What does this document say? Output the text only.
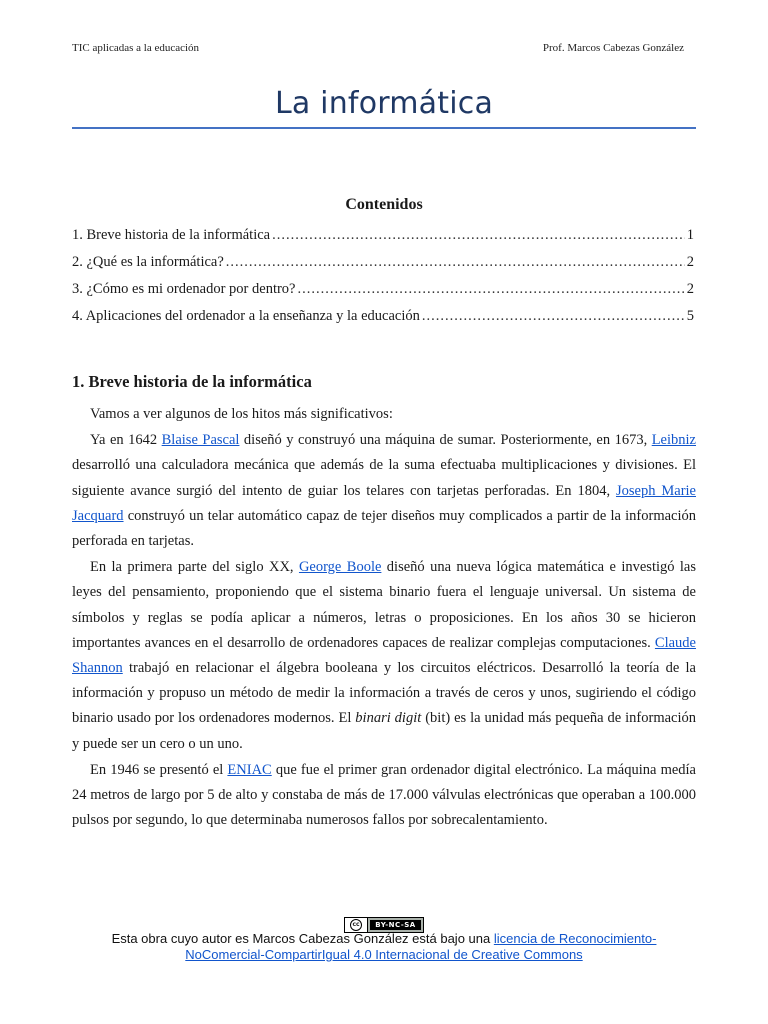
TIC aplicadas a la educación	Prof. Marcos Cabezas González
La informática
Contenidos
1. Breve historia de la informática .....	1
2. ¿Qué es la informática? .....	2
3. ¿Cómo es mi ordenador por dentro? .....	2
4. Aplicaciones del ordenador a la enseñanza y la educación .....	5
1. Breve historia de la informática

Vamos a ver algunos de los hitos más significativos:

Ya en 1642 Blaise Pascal diseñó y construyó una máquina de sumar. Posteriormente, en 1673, Leibniz desarrolló una calculadora mecánica que además de la suma efectuaba multiplicaciones y divisiones. El siguiente avance surgió del intento de guiar los telares con tarjetas perforadas. En 1804, Joseph Marie Jacquard construyó un telar automático capaz de tejer diseños muy complicados a partir de la información perforada en tarjetas.

En la primera parte del siglo XX, George Boole diseñó una nueva lógica matemática e investigó las leyes del pensamiento, proponiendo que el sistema binario fuera el lenguaje universal. Un sistema de símbolos y reglas se podía aplicar a números, letras o proposiciones. En los años 30 se hicieron importantes avances en el desarrollo de ordenadores capaces de realizar complejas computaciones. Claude Shannon trabajó en relacionar el álgebra booleana y los circuitos eléctricos. Desarrolló la teoría de la información y propuso un método de medir la información a través de ceros y unos, sugiriendo el código binario usado por los ordenadores modernos. El binari digit (bit) es la unidad más pequeña de información y puede ser un cero o un uno.

En 1946 se presentó el ENIAC que fue el primer gran ordenador digital electrónico. La máquina medía 24 metros de largo por 5 de alto y constaba de más de 17.000 válvulas electrónicas que operaban a 100.000 pulsos por segundo, lo que determinaba numerosos fallos por sobrecalentamiento.

cc	BY-NC-SA
Esta obra cuyo autor es Marcos Cabezas González está bajo una licencia de Reconocimiento-NoComercial-CompartirIgual 4.0 Internacional de Creative Commons
